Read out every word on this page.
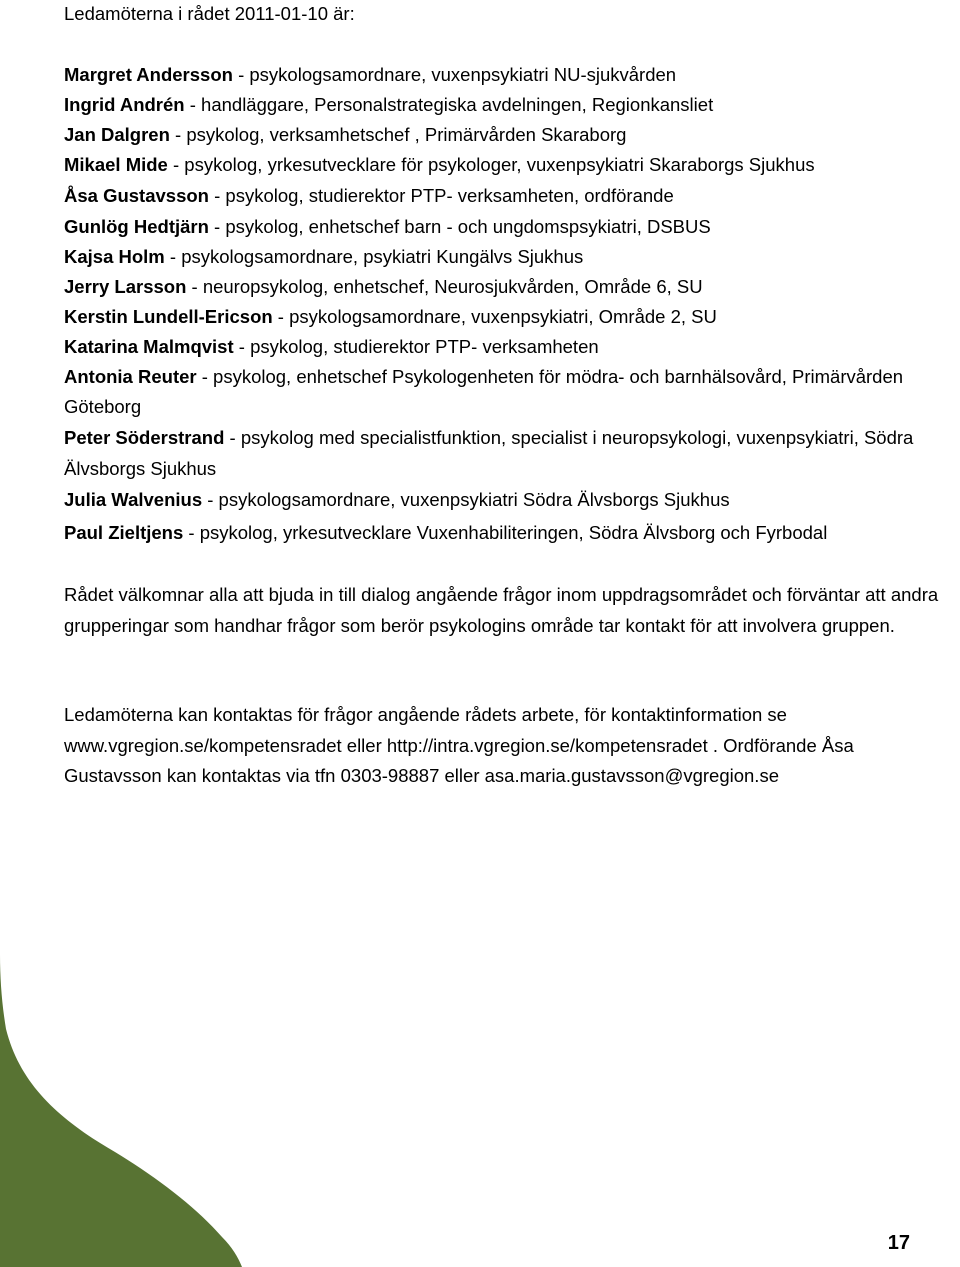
Ledamöterna i rådet 2011-01-10 är:

Margret Andersson - psykologsamordnare, vuxenpsykiatri NU-sjukvården
Ingrid Andrén - handläggare, Personalstrategiska avdelningen, Regionkansliet
Jan Dalgren - psykolog, verksamhetschef , Primärvården Skaraborg
Mikael Mide - psykolog, yrkesutvecklare för psykologer, vuxenpsykiatri Skaraborgs Sjukhus
Åsa Gustavsson - psykolog, studierektor PTP- verksamheten, ordförande
Gunlög Hedtjärn - psykolog, enhetschef barn - och ungdomspsykiatri, DSBUS
Kajsa Holm - psykologsamordnare, psykiatri Kungälvs Sjukhus
Jerry Larsson - neuropsykolog, enhetschef, Neurosjukvården, Område 6, SU
Kerstin Lundell-Ericson - psykologsamordnare, vuxenpsykiatri, Område 2, SU
Katarina Malmqvist - psykolog, studierektor PTP- verksamheten
Antonia Reuter - psykolog, enhetschef Psykologenheten för mödra- och barnhälsovård, Primärvården Göteborg
Peter Söderstrand - psykolog med specialistfunktion, specialist i neuropsykologi, vuxenpsykiatri, Södra Älvsborgs Sjukhus
Julia Walvenius - psykologsamordnare, vuxenpsykiatri Södra Älvsborgs Sjukhus
Paul Zieltjens - psykolog, yrkesutvecklare Vuxenhabiliteringen, Södra Älvsborg och Fyrbodal

Rådet välkomnar alla att bjuda in till dialog angående frågor inom uppdragsområdet och förväntar att andra grupperingar som handhar frågor som berör psykologins område tar kontakt för att involvera gruppen.

Ledamöterna kan kontaktas för frågor angående rådets arbete, för kontaktinformation se www.vgregion.se/kompetensradet eller http://intra.vgregion.se/kompetensradet . Ordförande Åsa Gustavsson kan kontaktas via tfn 0303-98887 eller asa.maria.gustavsson@vgregion.se

17
